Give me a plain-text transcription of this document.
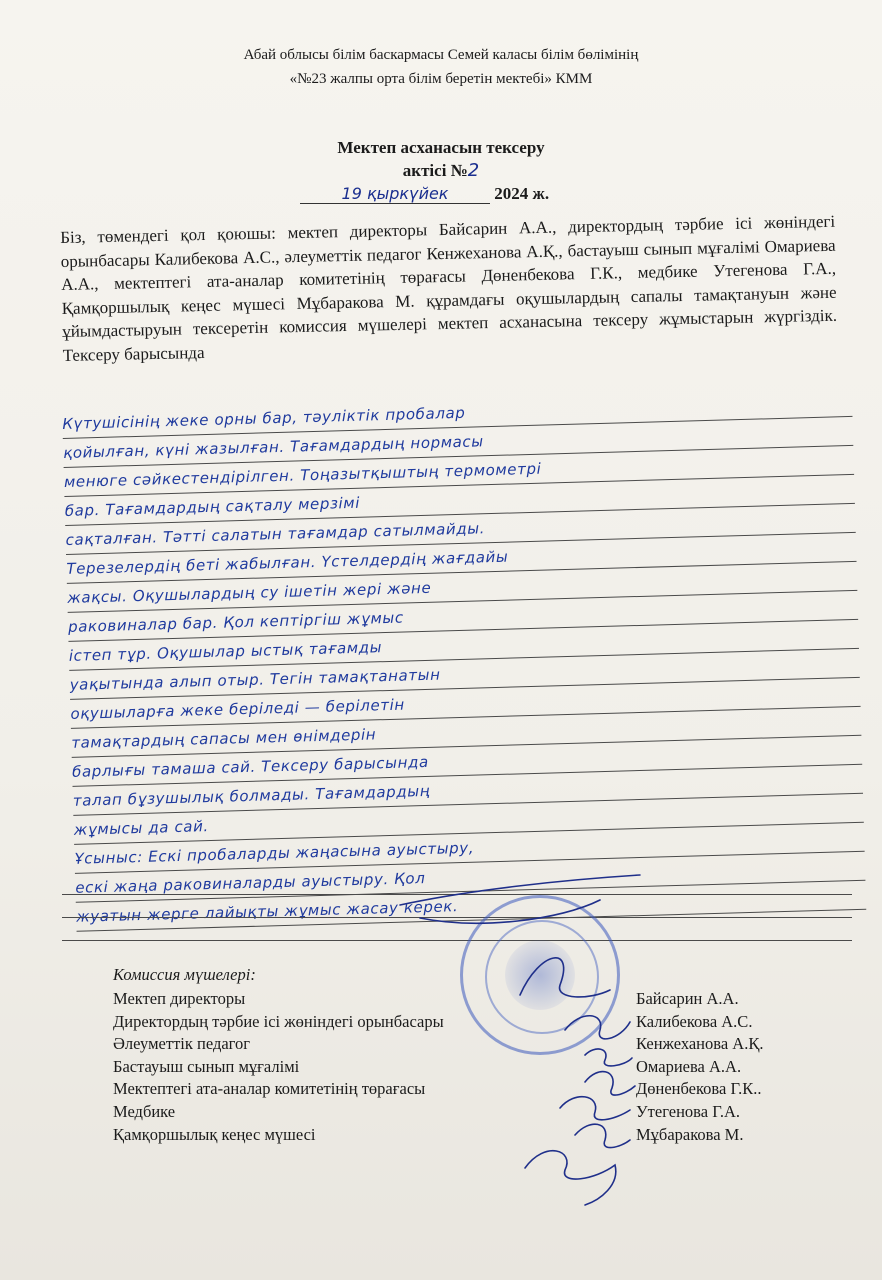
Абай облысы білім баскармасы Семей каласы білім бөлімінің
«№23 жалпы орта білім беретін мектебі» КММ
Мектеп асханасын тексеру
актісі №2
19 қыркүйек	2024 ж.
Біз, төмендегі қол қоюшы: мектеп директоры Байсарин А.А., директордың тәрбие ісі жөніндегі орынбасары Калибекова А.С., әлеуметтік педагог Кенжеханова А.Қ., бастауыш сынып мұғалімі Омариева А.А., мектептегі ата-аналар комитетінің төрағасы Дөненбекова Г.К., медбике Утегенова Г.А., Қамқоршылық кеңес мүшесі Мұбаракова М. құрамдағы оқушылардың сапалы тамақтануын және ұйымдастыруын тексеретін комиссия мүшелері мектеп асханасына тексеру жұмыстарын жүргіздік. Тексеру барысында
Күтушісінің жеке орны бар, тәуліктік пробалар
қойылған, күні жазылған. Тағамдардың нормасы
менюге сәйкестендірілген. Тоңазытқыштың термометрі
бар. Тағамдардың сақталу мерзімі
сақталған. Тәтті салатын тағамдар сатылмайды.
Терезелердің беті жабылған. Үстелдердің жағдайы
жақсы. Оқушылардың су ішетін жері және
раковиналар бар. Қол кептіргіш жұмыс
істеп тұр. Оқушылар ыстық тағамды
уақытында алып отыр. Тегін тамақтанатын
оқушыларға жеке беріледі — берілетін
тамақтардың сапасы мен өнімдерін
барлығы тамаша сай. Тексеру барысында
талап бұзушылық болмады. Тағамдардың
жұмысы да сай.
Ұсыныс: Ескі пробаларды жаңасына ауыстыру,
ескі жаңа раковиналарды ауыстыру. Қол
жуатын жерге лайықты жұмыс жасау керек.
Комиссия мүшелері:
Мектеп директоры	Байсарин А.А.
Директордың тәрбие ісі жөніндегі орынбасары	Калибекова А.С.
Әлеуметтік педагог	Кенжеханова А.Қ.
Бастауыш сынып мұғалімі	Омариева А.А.
Мектептегі ата-аналар комитетінің төрағасы	Дөненбекова Г.К..
Медбике	Утегенова Г.А.
Қамқоршылық кеңес мүшесі	Мұбаракова М.
